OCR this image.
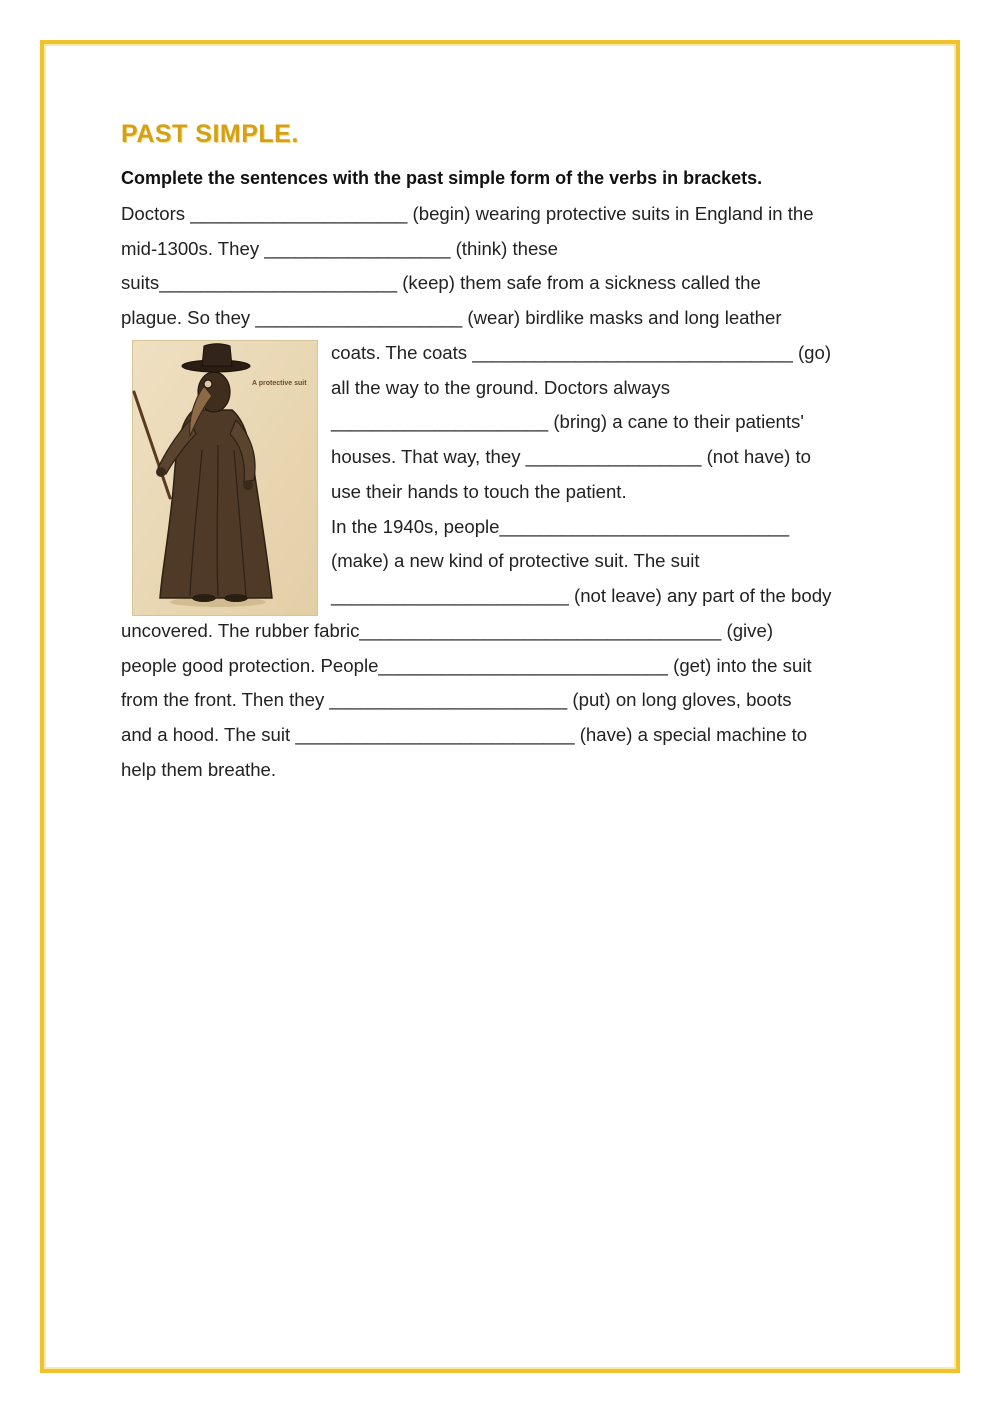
PAST SIMPLE.
Complete the sentences with the past simple form of the verbs in brackets.
Doctors _____________________ (begin) wearing protective suits in England in the
mid-1300s. They __________________ (think) these
suits_______________________ (keep) them safe from a sickness called the
plague. So they ____________________ (wear) birdlike masks and long leather
coats. The coats _______________________________ (go)
all the way to the ground. Doctors always
_____________________ (bring) a cane to their patients'
houses. That way, they _________________ (not have) to
use their hands to touch the patient.
In the 1940s, people____________________________
(make) a new kind of protective suit. The suit
_______________________ (not leave) any part of the body
uncovered. The rubber fabric___________________________________ (give)
people good protection. People____________________________ (get) into the suit
from the front. Then they _______________________ (put) on long gloves, boots
and a hood. The suit ___________________________ (have) a special machine to
help them breathe.
A protective suit
